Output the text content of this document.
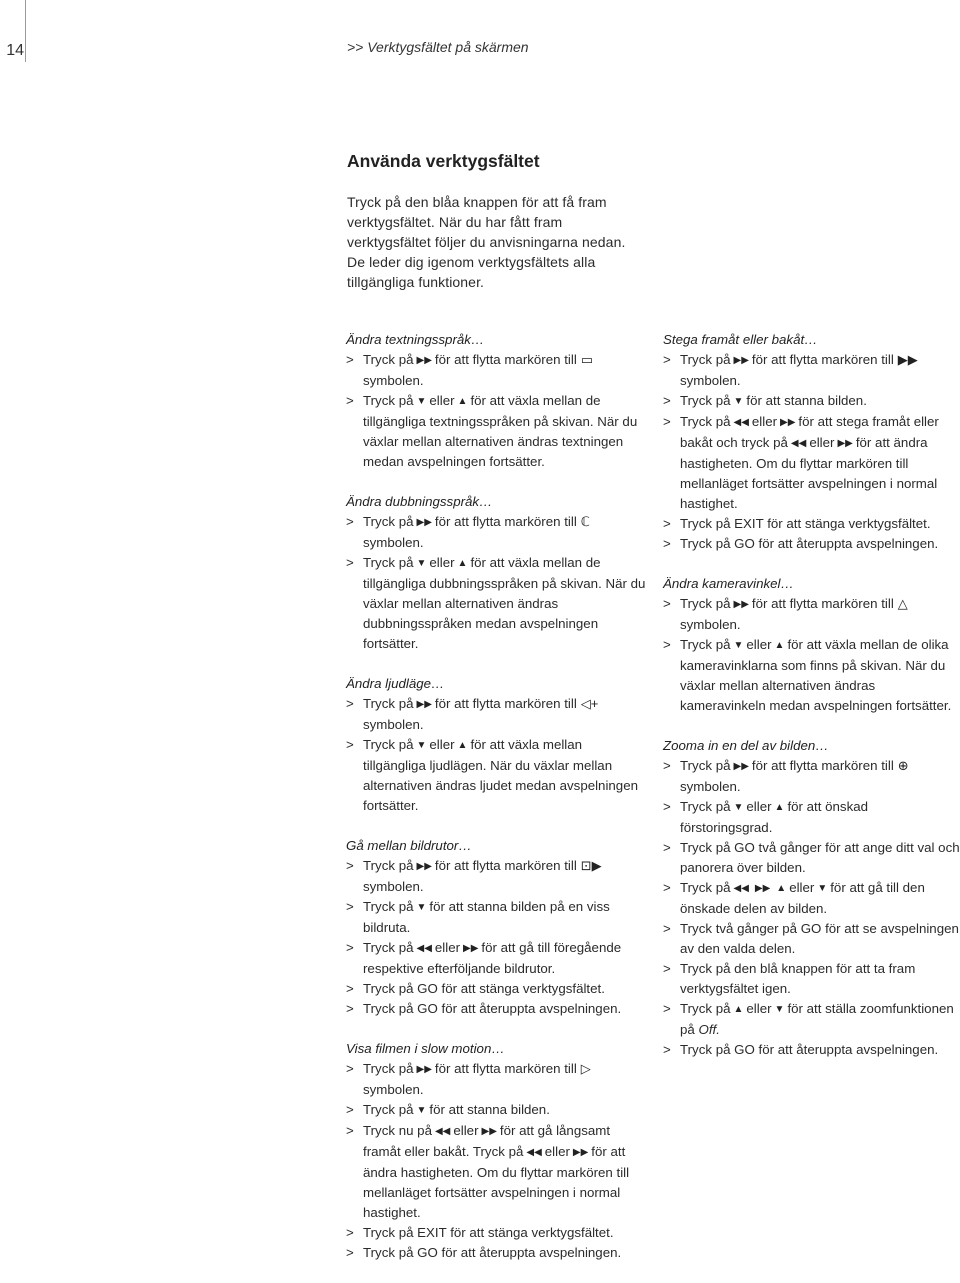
14	>> Verktygsfältet på skärmen
Använda verktygsfältet

Tryck på den blåa knappen för att få fram verktygsfältet. När du har fått fram verktygsfältet följer du anvisningarna nedan. De leder dig igenom verktygsfältets alla tillgängliga funktioner.

Ändra textningsspråk…

> Tryck på ▶▶ för att flytta markören till ▭
symbolen.

> Tryck på ▼ eller ▲ för att växla mellan de tillgängliga textningsspråken på skivan. När du växlar mellan alternativen ändras textningen medan avspelningen fortsätter.

Ändra dubbningsspråk…

> Tryck på ▶▶ för att flytta markören till ℂ
symbolen.

> Tryck på ▼ eller ▲ för att växla mellan de tillgängliga dubbningsspråken på skivan. När du växlar mellan alternativen ändras dubbningsspråken medan avspelningen fortsätter.

Ändra ljudläge…

> Tryck på ▶▶ för att flytta markören till ◁+
symbolen.

> Tryck på ▼ eller ▲ för att växla mellan tillgängliga ljudlägen. När du växlar mellan alternativen ändras ljudet medan avspelningen fortsätter.

Gå mellan bildrutor…

> Tryck på ▶▶ för att flytta markören till ⊡▶
symbolen.

> Tryck på ▼ för att stanna bilden på en viss bildruta.

> Tryck på ◀◀ eller ▶▶ för att gå till föregående respektive efterföljande bildrutor.

> Tryck på GO för att stänga verktygsfältet.

> Tryck på GO för att återuppta avspelningen.

Visa filmen i slow motion…

> Tryck på ▶▶ för att flytta markören till ▷
symbolen.

> Tryck på ▼ för att stanna bilden.

> Tryck nu på ◀◀ eller ▶▶ för att gå långsamt framåt eller bakåt. Tryck på ◀◀ eller ▶▶ för att ändra hastigheten. Om du flyttar markören till mellanläget fortsätter avspelningen i normal hastighet.

> Tryck på EXIT för att stänga verktygsfältet.

> Tryck på GO för att återuppta avspelningen.

Stega framåt eller bakåt…

> Tryck på ▶▶ för att flytta markören till ▶▶
symbolen.

> Tryck på ▼ för att stanna bilden.

> Tryck på ◀◀ eller ▶▶ för att stega framåt eller bakåt och tryck på ◀◀ eller ▶▶ för att ändra hastigheten. Om du flyttar markören till mellanläget fortsätter avspelningen i normal hastighet.

> Tryck på EXIT för att stänga verktygsfältet.

> Tryck på GO för att återuppta avspelningen.

Ändra kameravinkel…

> Tryck på ▶▶ för att flytta markören till △
symbolen.

> Tryck på ▼ eller ▲ för att växla mellan de olika kameravinklarna som finns på skivan. När du växlar mellan alternativen ändras kameravinkeln medan avspelningen fortsätter.

Zooma in en del av bilden…

> Tryck på ▶▶ för att flytta markören till ⊕
symbolen.

> Tryck på ▼ eller ▲ för att önskad förstoringsgrad.

> Tryck på GO två gånger för att ange ditt val och panorera över bilden.

> Tryck på ◀◀ ▶▶ ▲ eller ▼ för att gå till den önskade delen av bilden.

> Tryck två gånger på GO för att se avspelningen av den valda delen.

> Tryck på den blå knappen för att ta fram verktygsfältet igen.

> Tryck på ▲ eller ▼ för att ställa zoomfunktionen på Off.

> Tryck på GO för att återuppta avspelningen.
